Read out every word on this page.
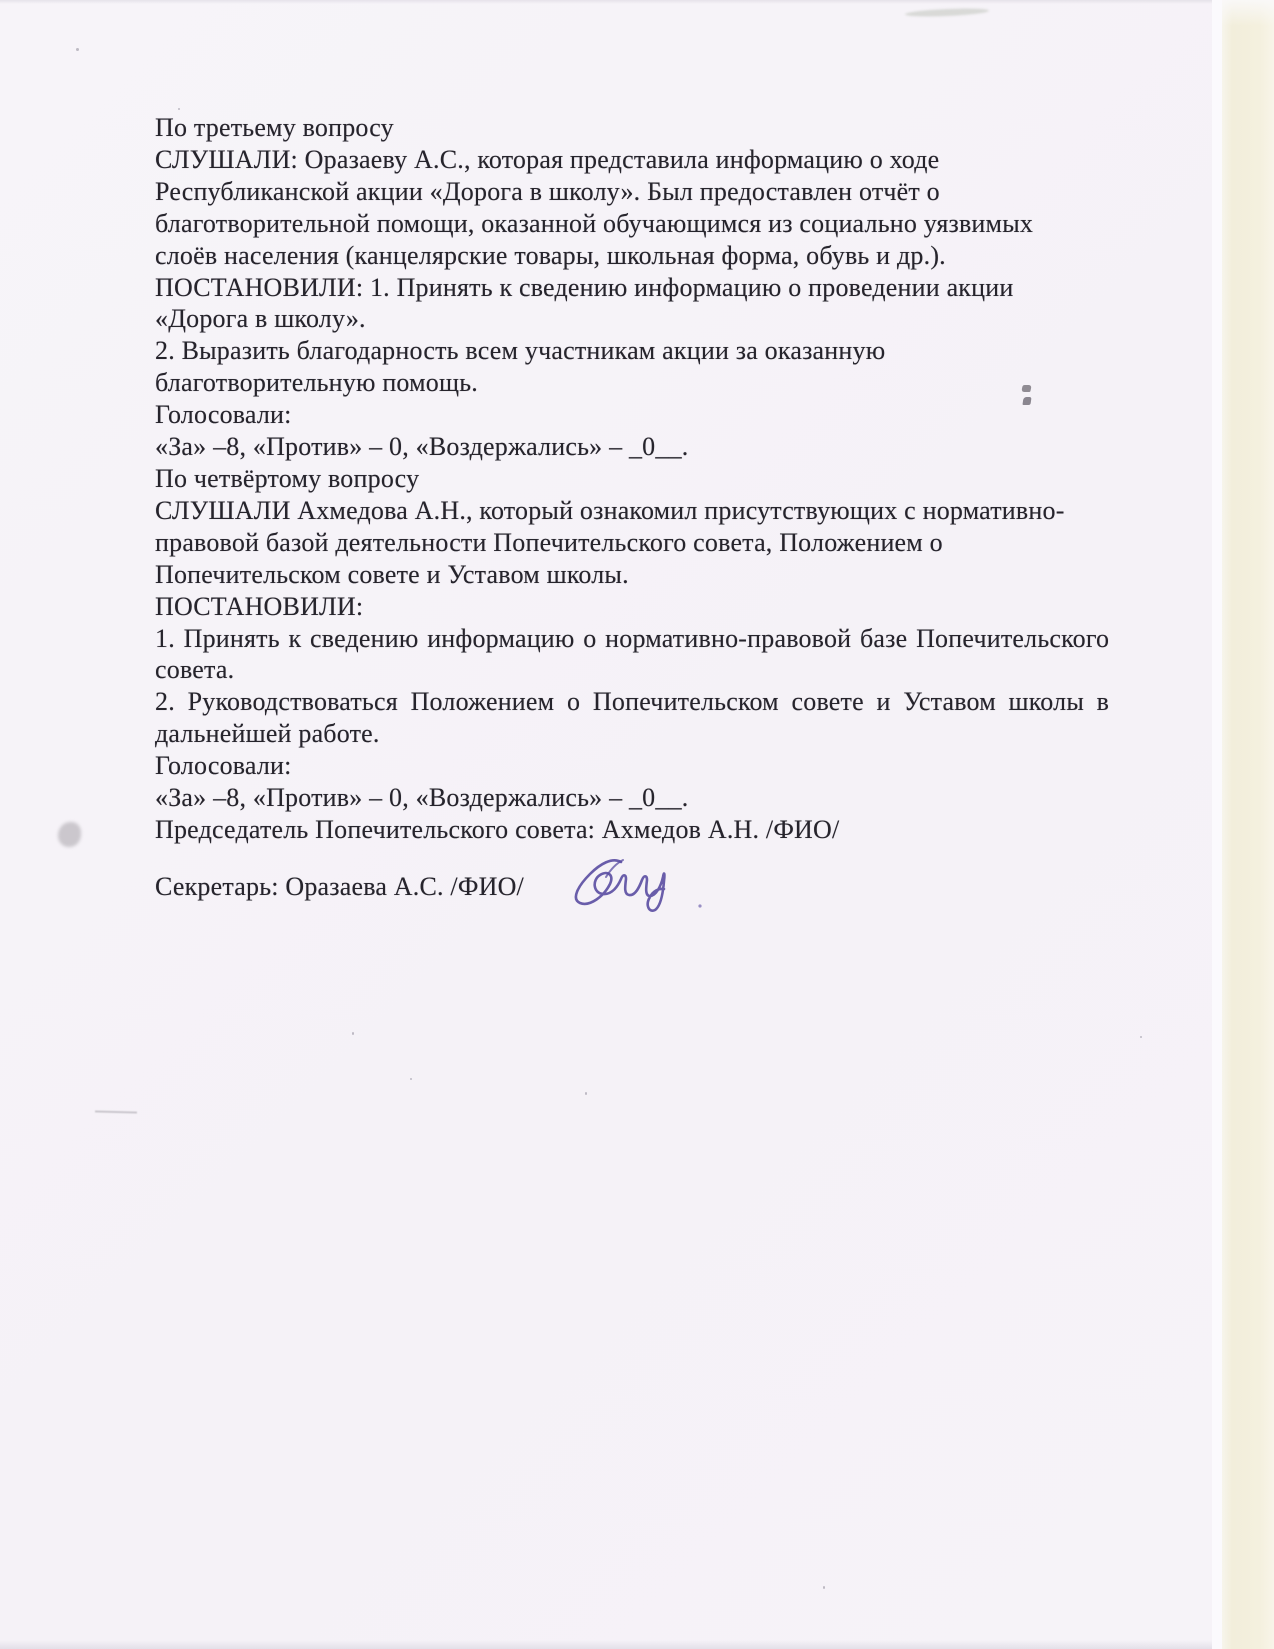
По третьему вопросу
СЛУШАЛИ: Оразаеву А.С., которая представила информацию о ходе
Республиканской акции «Дорога в школу». Был предоставлен отчёт о
благотворительной помощи, оказанной обучающимся из социально уязвимых
слоёв населения (канцелярские товары, школьная форма, обувь и др.).
ПОСТАНОВИЛИ: 1. Принять к сведению информацию о проведении акции
«Дорога в школу».
2. Выразить благодарность всем участникам акции за оказанную
благотворительную помощь.
Голосовали:
«За» –8, «Против» – 0, «Воздержались» – _0__.
По четвёртому вопросу
СЛУШАЛИ Ахмедова А.Н., который ознакомил присутствующих с нормативно-
правовой базой деятельности Попечительского совета, Положением о
Попечительском совете и Уставом школы.
ПОСТАНОВИЛИ:
1. Принять к сведению информацию о нормативно-правовой базе Попечительского
совета.
2. Руководствоваться Положением о Попечительском совете и Уставом школы в
дальнейшей работе.
Голосовали:
«За» –8, «Против» – 0, «Воздержались» – _0__.
Председатель Попечительского совета: Ахмедов А.Н. /ФИО/
Секретарь: Оразаева А.С. /ФИО/
